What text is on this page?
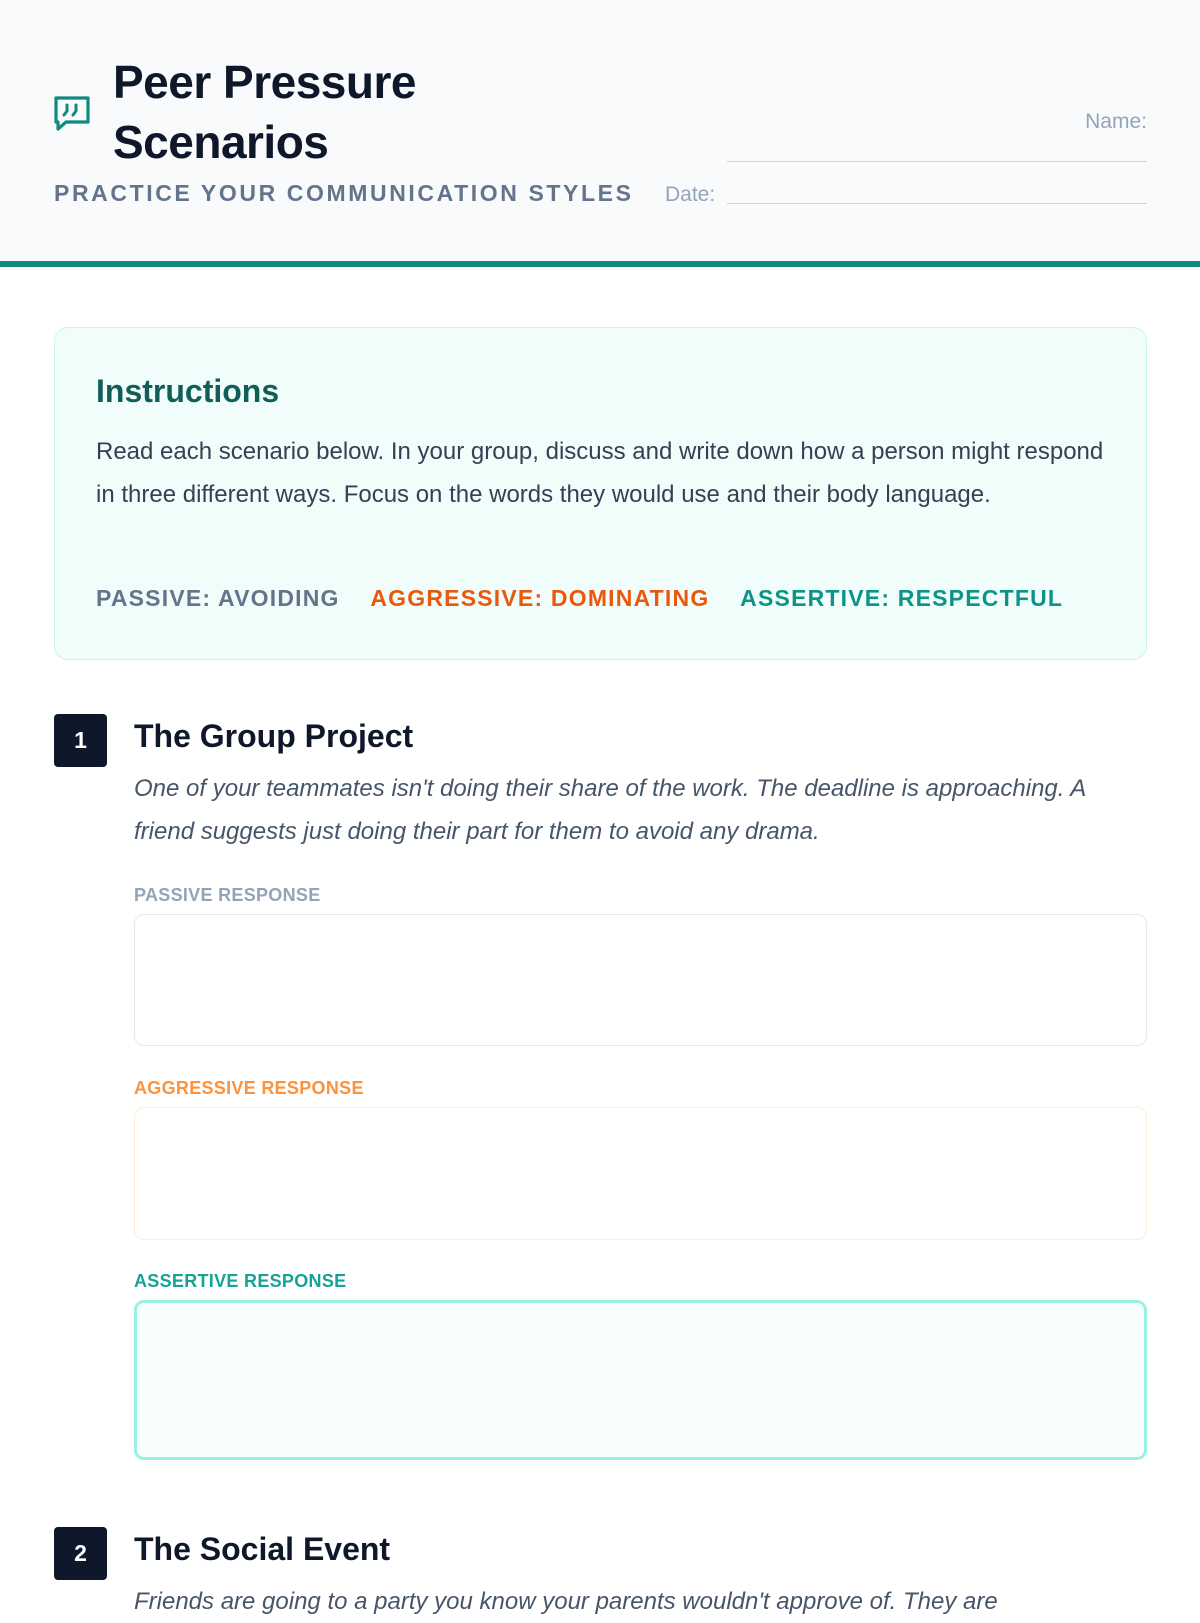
Peer Pressure
Scenarios
PRACTICE YOUR COMMUNICATION STYLES
Name:
Date:
Instructions
Read each scenario below. In your group, discuss and write down how a person might respond in three different ways. Focus on the words they would use and their body language.
PASSIVE: AVOIDING AGGRESSIVE: DOMINATING ASSERTIVE: RESPECTFUL
1	The Group Project
One of your teammates isn't doing their share of the work. The deadline is approaching. A friend suggests just doing their part for them to avoid any drama.
PASSIVE RESPONSE
AGGRESSIVE RESPONSE
ASSERTIVE RESPONSE
2	The Social Event
Friends are going to a party you know your parents wouldn't approve of. They are
